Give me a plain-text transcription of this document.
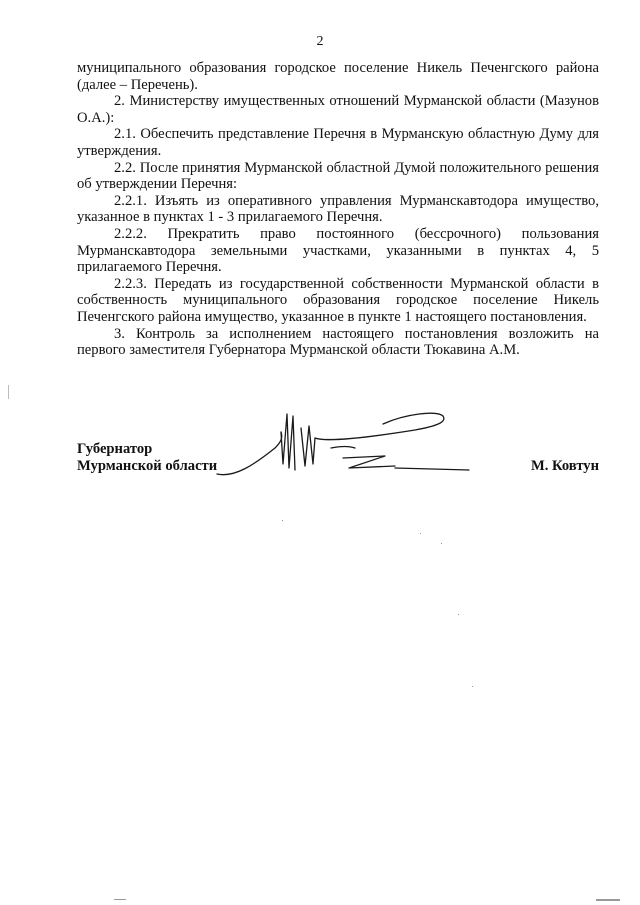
2

муниципального образования городское поселение Никель Печенгского района (далее – Перечень).

2. Министерству имущественных отношений Мурманской области (Мазунов О.А.):

2.1. Обеспечить представление Перечня в Мурманскую областную Думу для утверждения.

2.2. После принятия Мурманской областной Думой положительного решения об утверждении Перечня:

2.2.1. Изъять из оперативного управления Мурманскавтодора имущество, указанное в пунктах 1 - 3 прилагаемого Перечня.

2.2.2. Прекратить право постоянного (бессрочного) пользования Мурманскавтодора земельными участками, указанными в пунктах 4, 5 прилагаемого Перечня.

2.2.3. Передать из государственной собственности Мурманской области в собственность муниципального образования городское поселение Никель Печенгского района имущество, указанное в пункте 1 настоящего постановления.

3. Контроль за исполнением настоящего постановления возложить на первого заместителя Губернатора Мурманской области Тюкавина А.М.

Губернатор
Мурманской области	М. Ковтун
